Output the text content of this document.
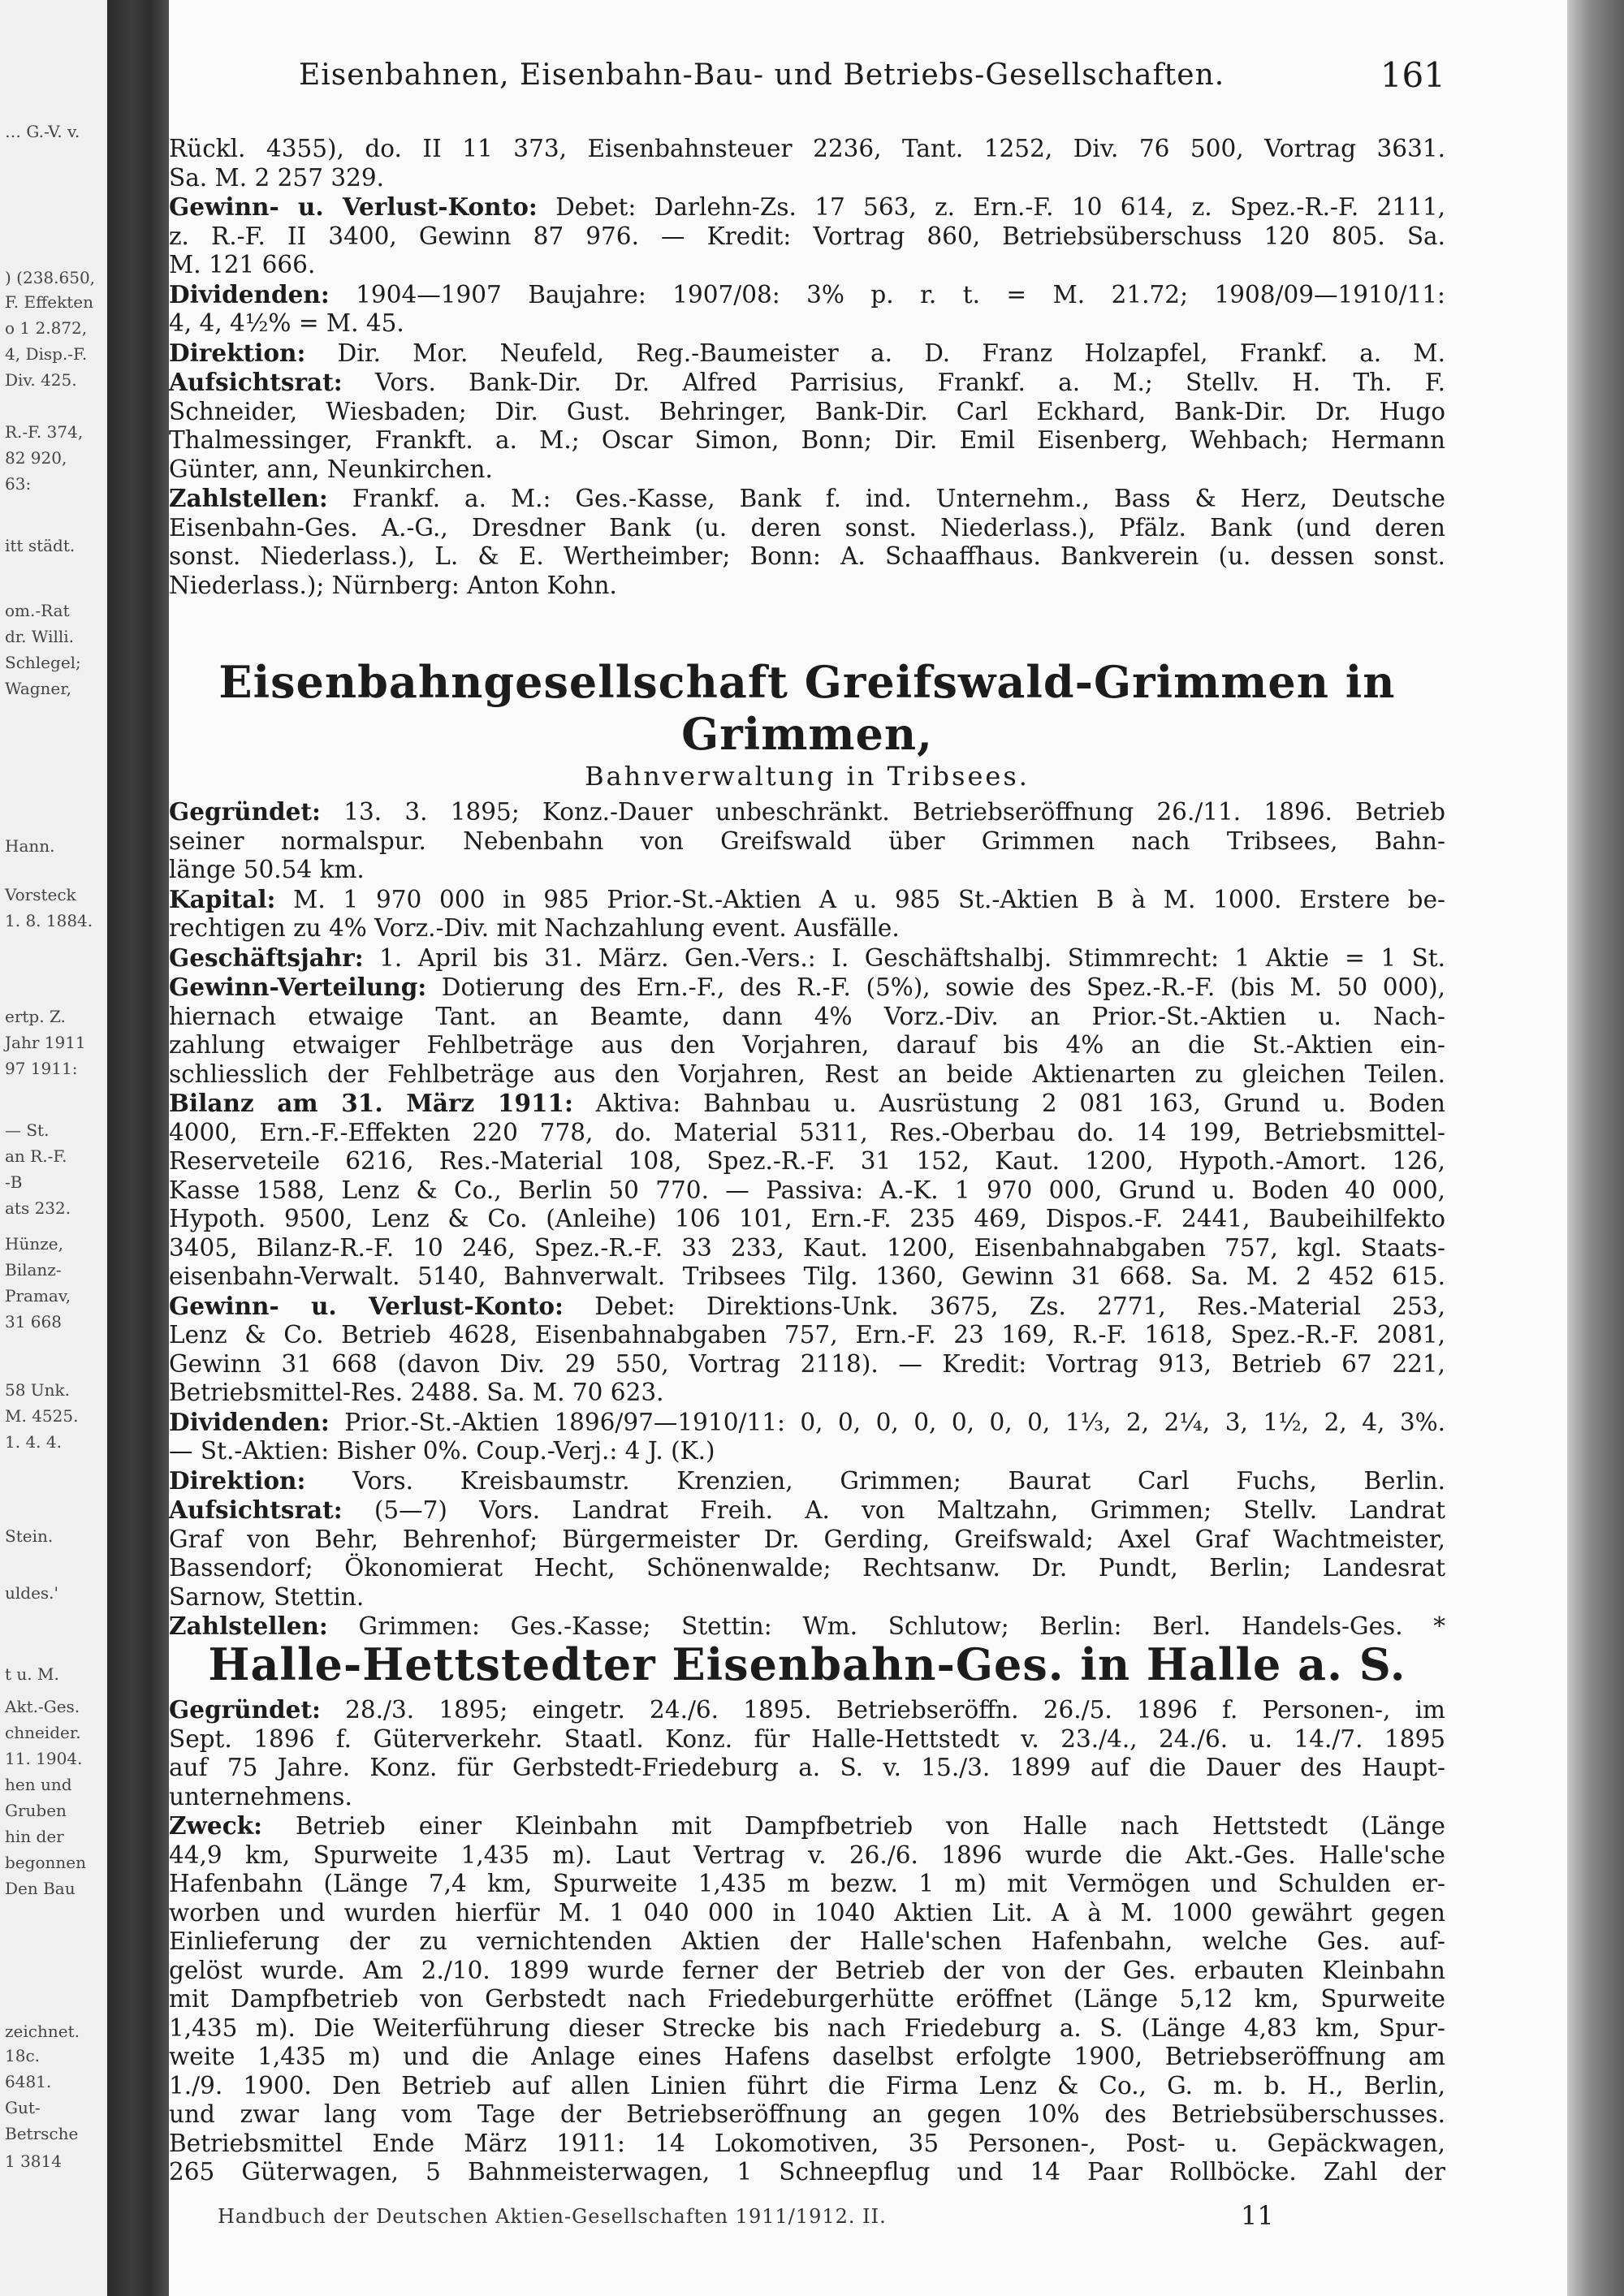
… G.-V. v.
) (238.650,
F. Effekten
o 1 2.872,
4, Disp.-F.
Div. 425.
R.-F. 374,
82 920,
63:
itt städt.
om.-Rat
dr. Willi.
Schlegel;
Wagner,
Hann.
Vorsteck
1. 8. 1884.
ertp. Z.
Jahr 1911
97 1911:
— St.
an R.-F.
-B
ats 232.
Hünze,
Bilanz-
Pramav,
31 668
58 Unk.
M. 4525.
1. 4. 4.
Stein.
uldes.'
t u. M.
Akt.-Ges.
chneider.
11. 1904.
hen und
Gruben
hin der
begonnen
Den Bau
zeichnet.
18c.
6481.
Gut-
Betrsche
1 3814
Eisenbahnen, Eisenbahn-Bau- und Betriebs-Gesellschaften.	161

Rückl. 4355), do. II 11 373, Eisenbahnsteuer 2236, Tant. 1252, Div. 76 500, Vortrag 3631.

Sa. M. 2 257 329.

Gewinn- u. Verlust-Konto: Debet: Darlehn-Zs. 17 563, z. Ern.-F. 10 614, z. Spez.-R.-F. 2111,

z. R.-F. II 3400, Gewinn 87 976. — Kredit: Vortrag 860, Betriebsüberschuss 120 805. Sa.

M. 121 666.

Dividenden: 1904—1907 Baujahre: 1907/08: 3% p. r. t. = M. 21.72; 1908/09—1910/11:

4, 4, 4½% = M. 45.

Direktion: Dir. Mor. Neufeld, Reg.-Baumeister a. D. Franz Holzapfel, Frankf. a. M.

Aufsichtsrat: Vors. Bank-Dir. Dr. Alfred Parrisius, Frankf. a. M.; Stellv. H. Th. F.

Schneider, Wiesbaden; Dir. Gust. Behringer, Bank-Dir. Carl Eckhard, Bank-Dir. Dr. Hugo

Thalmessinger, Frankft. a. M.; Oscar Simon, Bonn; Dir. Emil Eisenberg, Wehbach; Hermann

Günter, ann, Neunkirchen.

Zahlstellen: Frankf. a. M.: Ges.-Kasse, Bank f. ind. Unternehm., Bass & Herz, Deutsche

Eisenbahn-Ges. A.-G., Dresdner Bank (u. deren sonst. Niederlass.), Pfälz. Bank (und deren

sonst. Niederlass.), L. & E. Wertheimber; Bonn: A. Schaaffhaus. Bankverein (u. dessen sonst.

Niederlass.); Nürnberg: Anton Kohn.

Eisenbahngesellschaft Greifswald-Grimmen in Grimmen,

Bahnverwaltung in Tribsees.

Gegründet: 13. 3. 1895; Konz.-Dauer unbeschränkt. Betriebseröffnung 26./11. 1896. Betrieb

seiner normalspur. Nebenbahn von Greifswald über Grimmen nach Tribsees, Bahn-

länge 50.54 km.

Kapital: M. 1 970 000 in 985 Prior.-St.-Aktien A u. 985 St.-Aktien B à M. 1000. Erstere be-

rechtigen zu 4% Vorz.-Div. mit Nachzahlung event. Ausfälle.

Geschäftsjahr: 1. April bis 31. März. Gen.-Vers.: I. Geschäftshalbj. Stimmrecht: 1 Aktie = 1 St.

Gewinn-Verteilung: Dotierung des Ern.-F., des R.-F. (5%), sowie des Spez.-R.-F. (bis M. 50 000),

hiernach etwaige Tant. an Beamte, dann 4% Vorz.-Div. an Prior.-St.-Aktien u. Nach-

zahlung etwaiger Fehlbeträge aus den Vorjahren, darauf bis 4% an die St.-Aktien ein-

schliesslich der Fehlbeträge aus den Vorjahren, Rest an beide Aktienarten zu gleichen Teilen.

Bilanz am 31. März 1911: Aktiva: Bahnbau u. Ausrüstung 2 081 163, Grund u. Boden

4000, Ern.-F.-Effekten 220 778, do. Material 5311, Res.-Oberbau do. 14 199, Betriebsmittel-

Reserveteile 6216, Res.-Material 108, Spez.-R.-F. 31 152, Kaut. 1200, Hypoth.-Amort. 126,

Kasse 1588, Lenz & Co., Berlin 50 770. — Passiva: A.-K. 1 970 000, Grund u. Boden 40 000,

Hypoth. 9500, Lenz & Co. (Anleihe) 106 101, Ern.-F. 235 469, Dispos.-F. 2441, Baubeihilfekto

3405, Bilanz-R.-F. 10 246, Spez.-R.-F. 33 233, Kaut. 1200, Eisenbahnabgaben 757, kgl. Staats-

eisenbahn-Verwalt. 5140, Bahnverwalt. Tribsees Tilg. 1360, Gewinn 31 668. Sa. M. 2 452 615.

Gewinn- u. Verlust-Konto: Debet: Direktions-Unk. 3675, Zs. 2771, Res.-Material 253,

Lenz & Co. Betrieb 4628, Eisenbahnabgaben 757, Ern.-F. 23 169, R.-F. 1618, Spez.-R.-F. 2081,

Gewinn 31 668 (davon Div. 29 550, Vortrag 2118). — Kredit: Vortrag 913, Betrieb 67 221,

Betriebsmittel-Res. 2488. Sa. M. 70 623.

Dividenden: Prior.-St.-Aktien 1896/97—1910/11: 0, 0, 0, 0, 0, 0, 0, 1⅓, 2, 2¼, 3, 1½, 2, 4, 3%.

— St.-Aktien: Bisher 0%. Coup.-Verj.: 4 J. (K.)

Direktion: Vors. Kreisbaumstr. Krenzien, Grimmen; Baurat Carl Fuchs, Berlin.

Aufsichtsrat: (5—7) Vors. Landrat Freih. A. von Maltzahn, Grimmen; Stellv. Landrat

Graf von Behr, Behrenhof; Bürgermeister Dr. Gerding, Greifswald; Axel Graf Wachtmeister,

Bassendorf; Ökonomierat Hecht, Schönenwalde; Rechtsanw. Dr. Pundt, Berlin; Landesrat

Sarnow, Stettin.

Zahlstellen: Grimmen: Ges.-Kasse; Stettin: Wm. Schlutow; Berlin: Berl. Handels-Ges. *

Halle-Hettstedter Eisenbahn-Ges. in Halle a. S.

Gegründet: 28./3. 1895; eingetr. 24./6. 1895. Betriebseröffn. 26./5. 1896 f. Personen-, im

Sept. 1896 f. Güterverkehr. Staatl. Konz. für Halle-Hettstedt v. 23./4., 24./6. u. 14./7. 1895

auf 75 Jahre. Konz. für Gerbstedt-Friedeburg a. S. v. 15./3. 1899 auf die Dauer des Haupt-

unternehmens.

Zweck: Betrieb einer Kleinbahn mit Dampfbetrieb von Halle nach Hettstedt (Länge

44,9 km, Spurweite 1,435 m). Laut Vertrag v. 26./6. 1896 wurde die Akt.-Ges. Halle'sche

Hafenbahn (Länge 7,4 km, Spurweite 1,435 m bezw. 1 m) mit Vermögen und Schulden er-

worben und wurden hierfür M. 1 040 000 in 1040 Aktien Lit. A à M. 1000 gewährt gegen

Einlieferung der zu vernichtenden Aktien der Halle'schen Hafenbahn, welche Ges. auf-

gelöst wurde. Am 2./10. 1899 wurde ferner der Betrieb der von der Ges. erbauten Kleinbahn

mit Dampfbetrieb von Gerbstedt nach Friedeburgerhütte eröffnet (Länge 5,12 km, Spurweite

1,435 m). Die Weiterführung dieser Strecke bis nach Friedeburg a. S. (Länge 4,83 km, Spur-

weite 1,435 m) und die Anlage eines Hafens daselbst erfolgte 1900, Betriebseröffnung am

1./9. 1900. Den Betrieb auf allen Linien führt die Firma Lenz & Co., G. m. b. H., Berlin,

und zwar lang vom Tage der Betriebseröffnung an gegen 10% des Betriebsüberschusses.

Betriebsmittel Ende März 1911: 14 Lokomotiven, 35 Personen-, Post- u. Gepäckwagen,

265 Güterwagen, 5 Bahnmeisterwagen, 1 Schneepflug und 14 Paar Rollböcke. Zahl der

Handbuch der Deutschen Aktien-Gesellschaften 1911/1912. II.	11
